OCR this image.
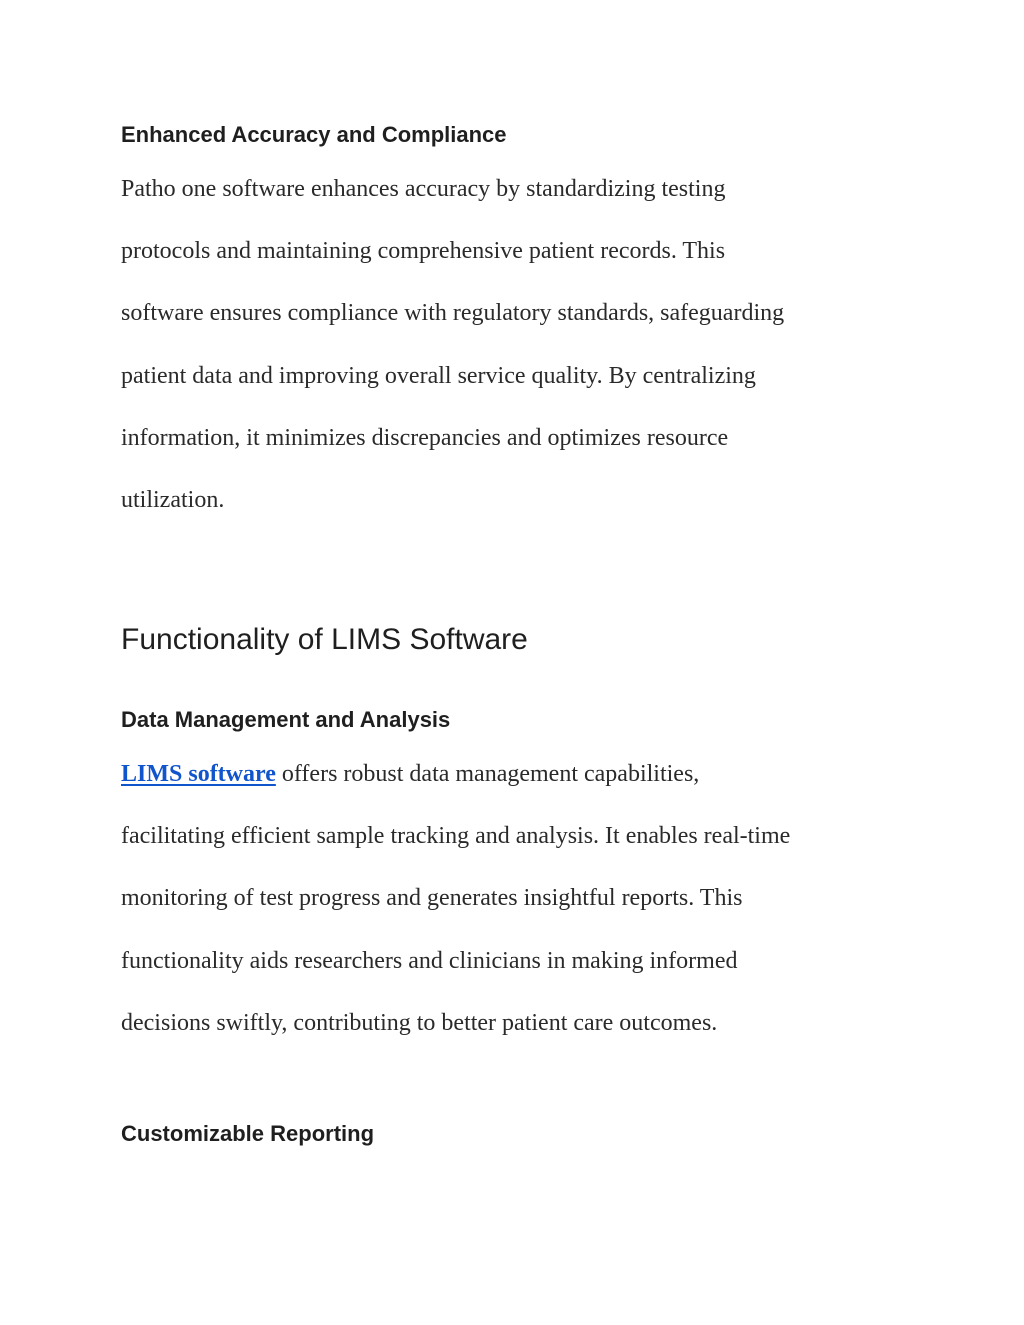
Enhanced Accuracy and Compliance
Patho one software enhances accuracy by standardizing testing
protocols and maintaining comprehensive patient records. This
software ensures compliance with regulatory standards, safeguarding
patient data and improving overall service quality. By centralizing
information, it minimizes discrepancies and optimizes resource
utilization.
Functionality of LIMS Software
Data Management and Analysis
LIMS software offers robust data management capabilities,
facilitating efficient sample tracking and analysis. It enables real-time
monitoring of test progress and generates insightful reports. This
functionality aids researchers and clinicians in making informed
decisions swiftly, contributing to better patient care outcomes.
Customizable Reporting
